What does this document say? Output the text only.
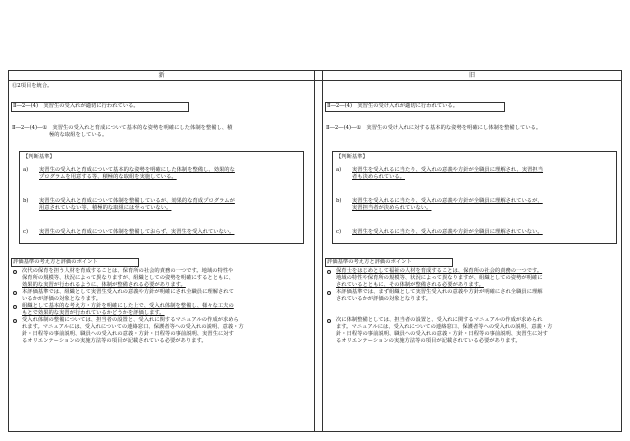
新	旧
⑫2項目を統合。
Ⅱ―2―(4)　実習生の受入れが適切に行われている。
Ⅱ―2―(4)―①　実習生の受入れと育成について基本的な姿勢を明確にした体制を整備し、積
極的な取組をしている。
【判断基準】
a) 実習生の受入れと育成について基本的な姿勢を明確にした体制を整備し、効果的な
プログラムを用意する等、積極的な取組を実施している。
b) 実習生の受入れと育成について体制を整備しているが、効果的な育成プログラムが
用意されていない等、積極的な取組には至っていない。
c) 実習生の受入れと育成について体制を整備しておらず、実習生を受入れていない。
評価基準の考え方と評価のポイント
次代の保育を担う人材を育成することは、保育所の社会的責務の一つです。地域の特性や
保育所の規模等、状況によって異なりますが、組織としての姿勢を明確にするとともに、
効果的な実習が行われるように、体制が整備される必要があります。
本評価基準では、組織として実習生受入れの意義や方針が明確にされ全職員に理解されて
いるかが評価の対象となります。
組織として基本的な考え方・方針を明確にした上で、受入れ体制を整備し、様々な工夫の
もとで効果的な実習が行われているかどうかを評価します。
受入れ体制の整備については、担当者の設置と、受入れに関するマニュアルの作成が求めら
れます。マニュアルには、受入れについての連絡窓口、保護者等への受入れの説明、意義・方
針・日程等の事前説明、職員への受入れの意義・方針・日程等の事前説明、実習生に対す
るオリエンテーションの実施方法等の項目が記載されている必要があります。
Ⅱ―2―(4)　実習生の受け入れが適切に行われている。
Ⅱ―2―(4)―①　実習生の受け入れに対する基本的な姿勢を明確にし体制を整備している。
【判断基準】
a) 実習生を受入れるに当たり、受入れの意義や方針が全職員に理解され、実習担当
者も決められている。
b) 実習生を受入れるに当たり、受入れの意義や方針が全職員に理解されているが、
実習担当者が決められていない。
c) 実習生を受入れるに当たり、受入れの意義や方針が全職員に理解されていない。
評価基準の考え方と評価のポイント
保育士をはじめとして福祉の人材を育成することは、保育所の社会的責務の一つです。
地域の特性や保育所の規模等、状況によって異なりますが、組織としての姿勢が明確に
されているとともに、その体制が整備される必要があります。
本評価基準では、まず組織として実習生受入れの意義や方針が明確にされ全職員に理解
されているかが評価の対象となります。
次に体制整備としては、担当者の設置と、受入れに関するマニュアルの作成が求められ
ます。マニュアルには、受入れについての連絡窓口、保護者等への受入れの説明、意義・方
針・日程等の事前説明、職員への受入れの意義・方針・日程等の事前説明、実習生に対す
るオリエンテーションの実施方法等の項目が記載されている必要があります。
